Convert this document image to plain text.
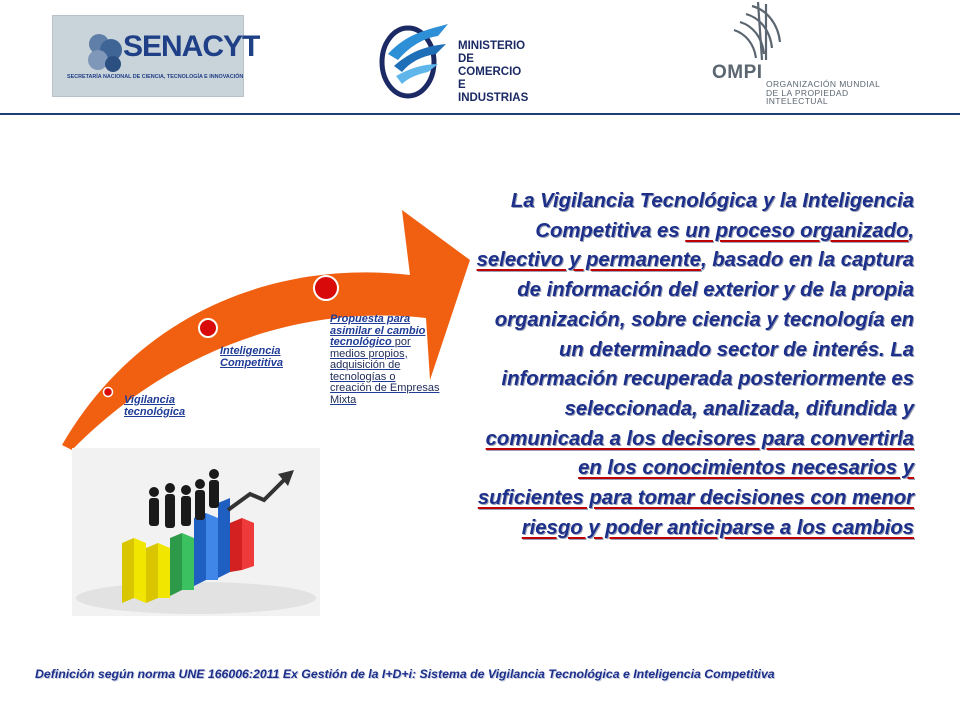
SENACYT
SECRETARÍA NACIONAL DE CIENCIA, TECNOLOGÍA E INNOVACIÓN
MINISTERIO
DE COMERCIO
E INDUSTRIAS
OMPI
ORGANIZACIÓN MUNDIAL
DE LA PROPIEDAD
INTELECTUAL
Vigilancia
tecnológica
Inteligencia
Competitiva
Propuesta para asimilar el cambio tecnológico por medios propios, adquisición de tecnologías o creación de Empresas Mixta
La Vigilancia Tecnológica y la Inteligencia Competitiva es un proceso organizado, selectivo y permanente, basado en la captura de información del exterior y de la propia organización, sobre ciencia y tecnología en un determinado sector de interés. La información recuperada posteriormente es seleccionada, analizada, difundida y comunicada a los decisores para convertirla en los conocimientos necesarios y suficientes para tomar decisiones con menor riesgo y poder anticiparse a los cambios
Definición según norma UNE 166006:2011 Ex Gestión de la I+D+i: Sistema de Vigilancia Tecnológica e Inteligencia Competitiva
